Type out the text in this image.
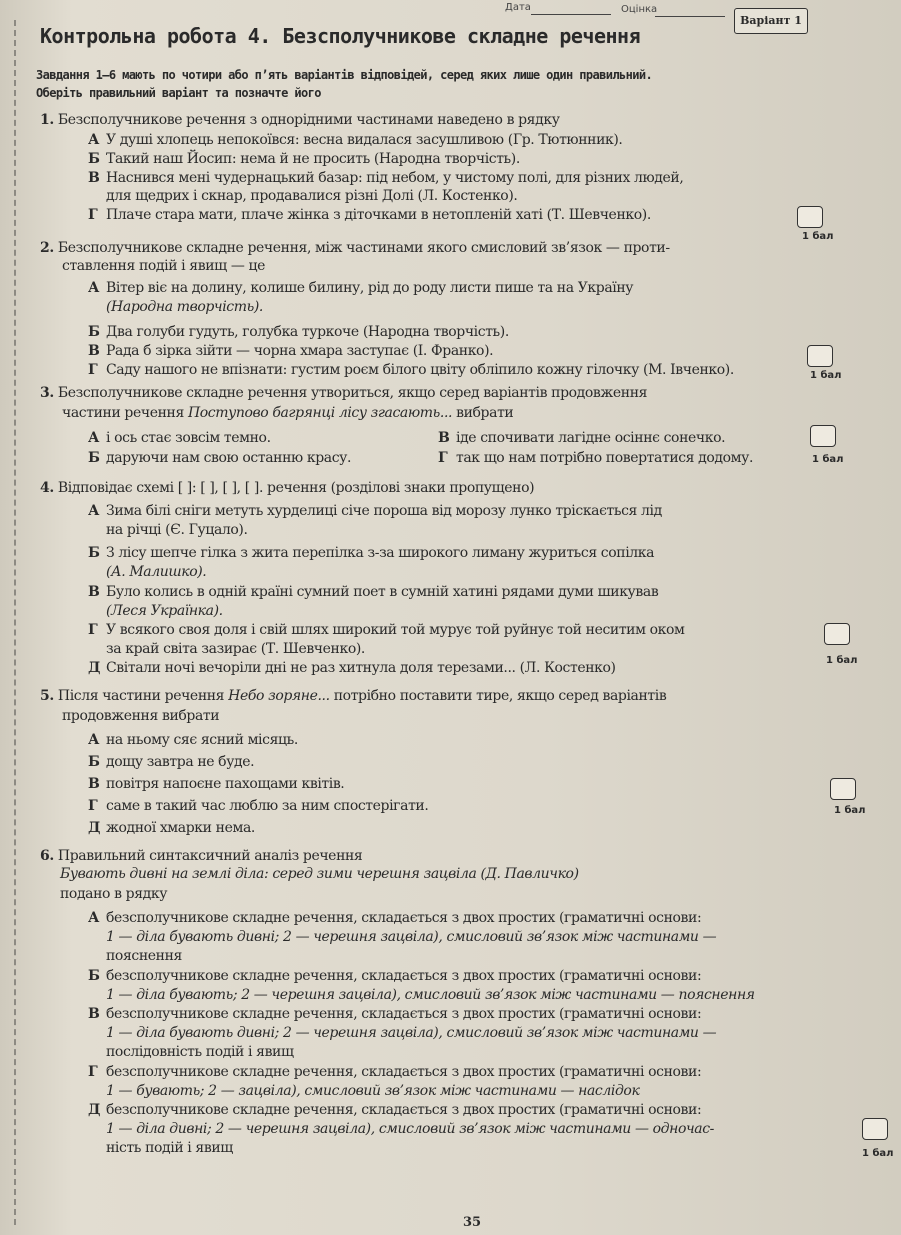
Дата	Оцінка
Варіант 1
Контрольна робота 4. Безсполучникове складне речення
Завдання 1–6 мають по чотири або п’ять варіантів відповідей, серед яких лише один правильний.
Оберіть правильний варіант та позначте його
1. Безсполучникове речення з однорідними частинами наведено в рядку
А У душі хлопець непокоївся: весна видалася засушливою (Гр. Тютюнник).
Б Такий наш Йосип: нема й не просить (Народна творчість).
В Наснився мені чудернацький базар: під небом, у чистому полі, для різних людей,
для щедрих і скнар, продавалися різні Долі (Л. Костенко).
Г Плаче стара мати, плаче жінка з діточками в нетопленій хаті (Т. Шевченко).
1 бал
2. Безсполучникове складне речення, між частинами якого смисловий зв’язок — проти-
ставлення подій і явищ — це
А Вітер віє на долину, колише билину, рід до роду листи пише та на Україну
(Народна творчість).
Б Два голуби гудуть, голубка туркоче (Народна творчість).
В Рада б зірка зійти — чорна хмара заступає (І. Франко).
Г Саду нашого не впізнати: густим роєм білого цвіту обліпило кожну гілочку (М. Івченко).	1 бал
3. Безсполучникове складне речення утвориться, якщо серед варіантів продовження
частини речення Поступово багрянці лісу згасають... вибрати
А і ось стає зовсім темно.
Б даруючи нам свою останню красу.
В іде спочивати лагідне осіннє сонечко.
Г так що нам потрібно повертатися додому.	1 бал
4. Відповідає схемі [ ]: [ ], [ ], [ ]. речення (розділові знаки пропущено)
А Зима білі сніги метуть хурделиці січе пороша від морозу лунко тріскається лід
на річці (Є. Гуцало).
Б З лісу шепче гілка з жита перепілка з-за широкого лиману журиться сопілка
(А. Малишко).
В Було колись в одній країні сумний поет в сумній хатині рядами думи шикував
(Леся Українка).
Г У всякого своя доля і свій шлях широкий той мурує той руйнує той неситим оком
за край світа зазирає (Т. Шевченко).
Д Світали ночі вечоріли дні не раз хитнула доля терезами... (Л. Костенко)	1 бал
5. Після частини речення Небо зоряне... потрібно поставити тире, якщо серед варіантів
продовження вибрати
А на ньому сяє ясний місяць.
Б дощу завтра не буде.
В повітря напоєне пахощами квітів.
Г саме в такий час люблю за ним спостерігати.
Д жодної хмарки нема.
1 бал
6. Правильний синтаксичний аналіз речення
Бувають дивні на землі діла: серед зими черешня зацвіла (Д. Павличко)
подано в рядку
А безсполучникове складне речення, складається з двох простих (граматичні основи:
1 — діла бувають дивні; 2 — черешня зацвіла), смисловий зв’язок між частинами —
пояснення
Б безсполучникове складне речення, складається з двох простих (граматичні основи:
1 — діла бувають; 2 — черешня зацвіла), смисловий зв’язок між частинами — пояснення
В безсполучникове складне речення, складається з двох простих (граматичні основи:
1 — діла бувають дивні; 2 — черешня зацвіла), смисловий зв’язок між частинами —
послідовність подій і явищ
Г безсполучникове складне речення, складається з двох простих (граматичні основи:
1 — бувають; 2 — зацвіла), смисловий зв’язок між частинами — наслідок
Д безсполучникове складне речення, складається з двох простих (граматичні основи:
1 — діла дивні; 2 — черешня зацвіла), смисловий зв’язок між частинами — одночас-
ність подій і явищ	1 бал
35
